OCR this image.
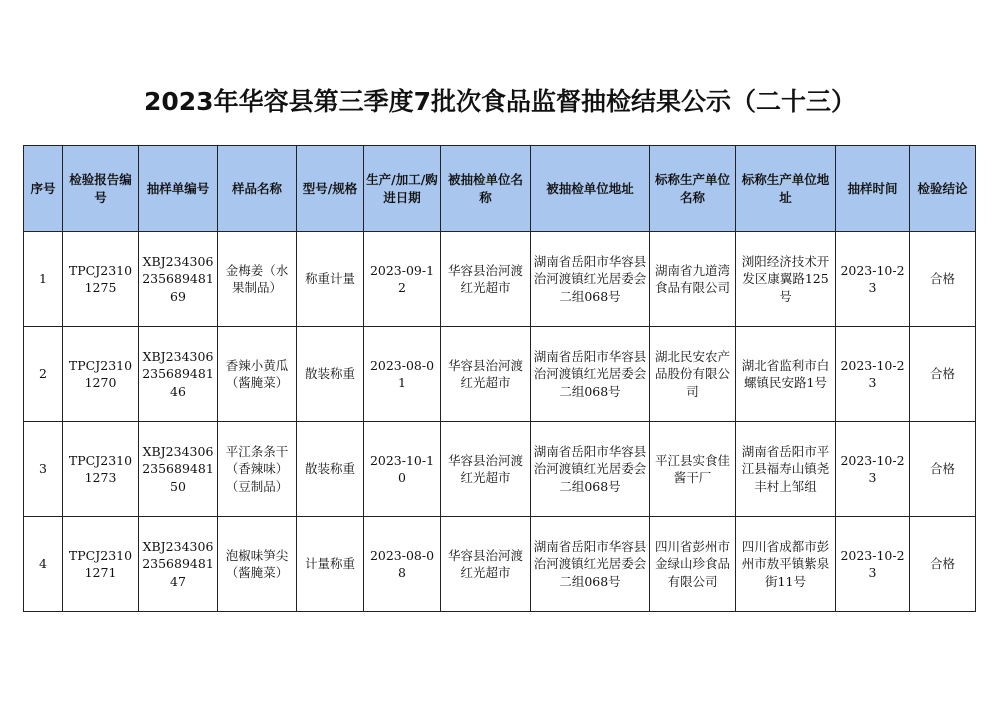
2023年华容县第三季度7批次食品监督抽检结果公示（二十三）
序号	检验报告编号	抽样单编号	样品名称	型号/规格	生产/加工/购进日期	被抽检单位名称	被抽检单位地址	标称生产单位名称	标称生产单位地址	抽样时间	检验结论
1	TPCJ23101275	XBJ23430623568948169	金梅姜（水果制品）	称重计量	2023-09-12	华容县治河渡红光超市	湖南省岳阳市华容县治河渡镇红光居委会二组068号	湖南省九道湾食品有限公司	浏阳经济技术开发区康翼路125号	2023-10-23	合格
2	TPCJ23101270	XBJ23430623568948146	香辣小黄瓜（酱腌菜）	散装称重	2023-08-01	华容县治河渡红光超市	湖南省岳阳市华容县治河渡镇红光居委会二组068号	湖北民安农产品股份有限公司	湖北省监利市白螺镇民安路1号	2023-10-23	合格
3	TPCJ23101273	XBJ23430623568948150	平江条条干（香辣味）（豆制品）	散装称重	2023-10-10	华容县治河渡红光超市	湖南省岳阳市华容县治河渡镇红光居委会二组068号	平江县实食佳酱干厂	湖南省岳阳市平江县福寿山镇尧丰村上邹组	2023-10-23	合格
4	TPCJ23101271	XBJ23430623568948147	泡椒味笋尖（酱腌菜）	计量称重	2023-08-08	华容县治河渡红光超市	湖南省岳阳市华容县治河渡镇红光居委会二组068号	四川省彭州市金绿山珍食品有限公司	四川省成都市彭州市敖平镇紫泉街11号	2023-10-23	合格
